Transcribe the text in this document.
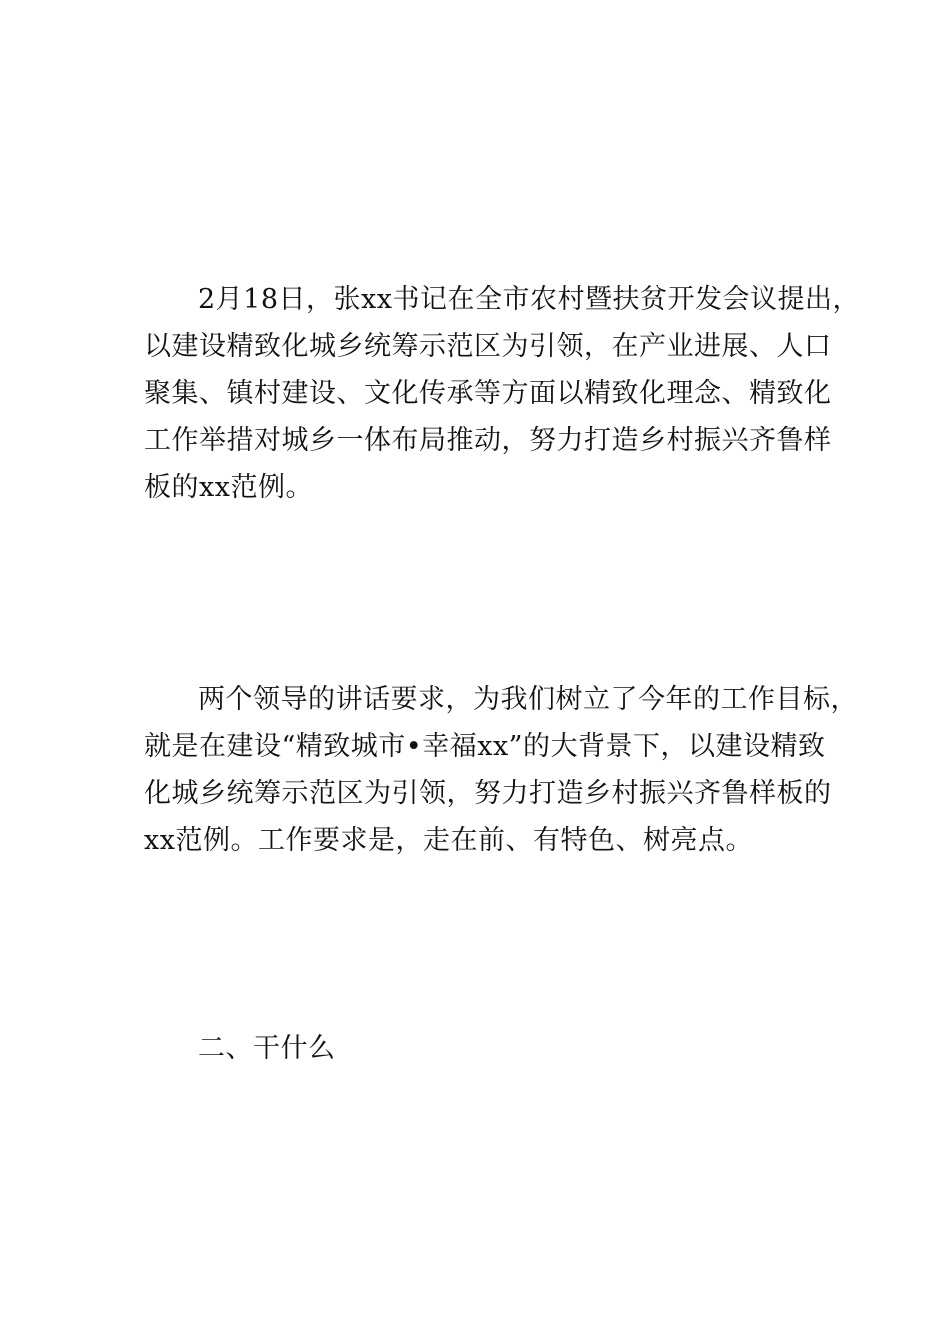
2月18日，张xx书记在全市农村暨扶贫开发会议提出，
以建设精致化城乡统筹示范区为引领，在产业进展、人口
聚集、镇村建设、文化传承等方面以精致化理念、精致化
工作举措对城乡一体布局推动，努力打造乡村振兴齐鲁样
板的xx范例。
两个领导的讲话要求，为我们树立了今年的工作目标，
就是在建设“精致城市•幸福xx”的大背景下，以建设精致
化城乡统筹示范区为引领，努力打造乡村振兴齐鲁样板的
xx范例。工作要求是，走在前、有特色、树亮点。
二、干什么
